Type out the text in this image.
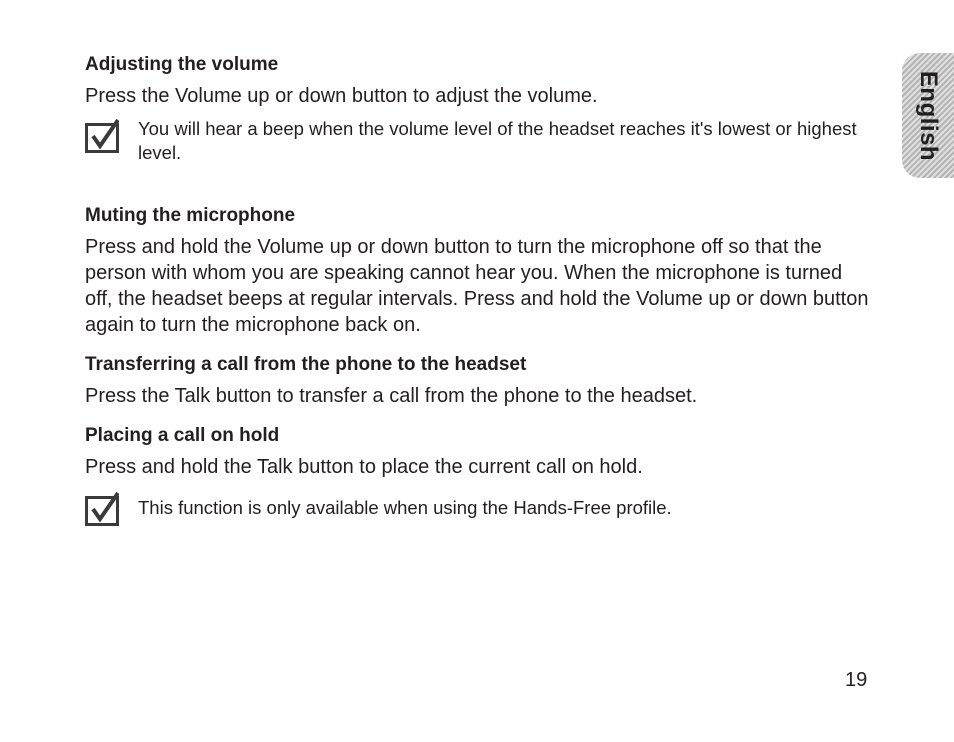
English
Adjusting the volume

Press the Volume up or down button to adjust the volume.

You will hear a beep when the volume level of the headset reaches it's lowest or highest level.
Muting the microphone

Press and hold the Volume up or down button to turn the microphone off so that the person with whom you are speaking cannot hear you. When the microphone is turned off, the headset beeps at regular intervals. Press and hold the Volume up or down button again to turn the microphone back on.

Transferring a call from the phone to the headset

Press the Talk button to transfer a call from the phone to the headset.

Placing a call on hold

Press and hold the Talk button to place the current call on hold.

This function is only available when using the Hands-Free profile.
19
